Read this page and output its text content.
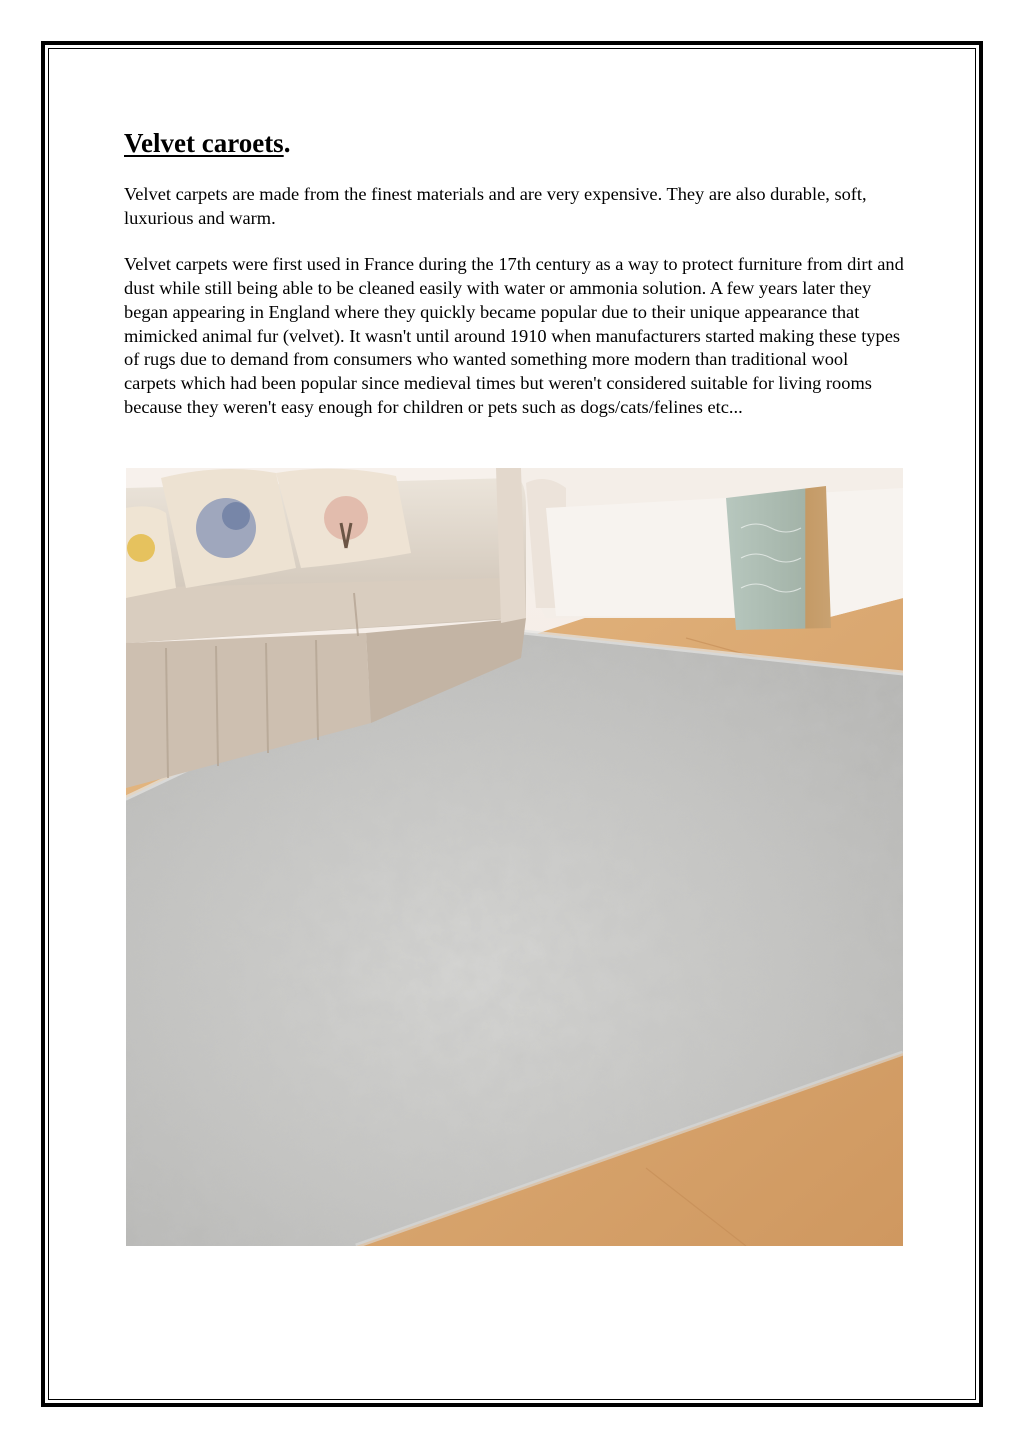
Velvet caroets.

Velvet carpets are made from the finest materials and are very expensive. They are also durable, soft, luxurious and warm.

Velvet carpets were first used in France during the 17th century as a way to protect furniture from dirt and dust while still being able to be cleaned easily with water or ammonia solution. A few years later they began appearing in England where they quickly became popular due to their unique appearance that mimicked animal fur (velvet). It wasn't until around 1910 when manufacturers started making these types of rugs due to demand from consumers who wanted something more modern than traditional wool carpets which had been popular since medieval times but weren't considered suitable for living rooms because they weren't easy enough for children or pets such as dogs/cats/felines etc...
